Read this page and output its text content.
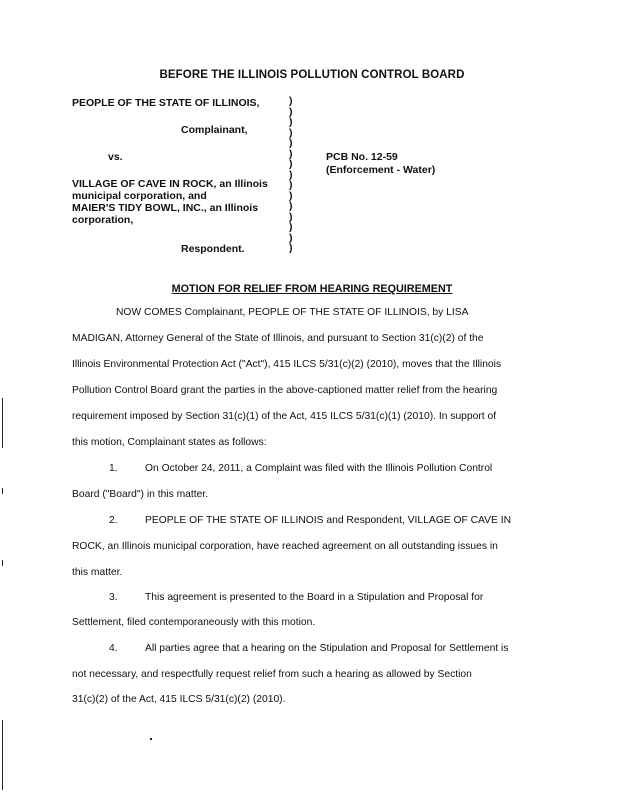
BEFORE THE ILLINOIS POLLUTION CONTROL BOARD
PEOPLE OF THE STATE OF ILLINOIS,
Complainant,
vs.
VILLAGE OF CAVE IN ROCK, an Illinois
municipal corporation, and
MAIER'S TIDY BOWL, INC., an Illinois
corporation,
Respondent.
)
)
)
)
)
)
)
)
)
)
)
)
)
)
)
PCB No. 12-59
(Enforcement - Water)
MOTION FOR RELIEF FROM HEARING REQUIREMENT
NOW COMES Complainant, PEOPLE OF THE STATE OF ILLINOIS, by LISA
MADIGAN, Attorney General of the State of Illinois, and pursuant to Section 31(c)(2) of the
Illinois Environmental Protection Act ("Act"), 415 ILCS 5/31(c)(2) (2010), moves that the Illinois
Pollution Control Board grant the parties in the above-captioned matter relief from the hearing
requirement imposed by Section 31(c)(1) of the Act, 415 ILCS 5/31(c)(1) (2010). In support of
this motion, Complainant states as follows:
1.	On October 24, 2011, a Complaint was filed with the Illinois Pollution Control
Board ("Board") in this matter.
2.	PEOPLE OF THE STATE OF ILLINOIS and Respondent, VILLAGE OF CAVE IN
ROCK, an Illinois municipal corporation, have reached agreement on all outstanding issues in
this matter.
3.	This agreement is presented to the Board in a Stipulation and Proposal for
Settlement, filed contemporaneously with this motion.
4.	All parties agree that a hearing on the Stipulation and Proposal for Settlement is
not necessary, and respectfully request relief from such a hearing as allowed by Section
31(c)(2) of the Act, 415 ILCS 5/31(c)(2) (2010).
